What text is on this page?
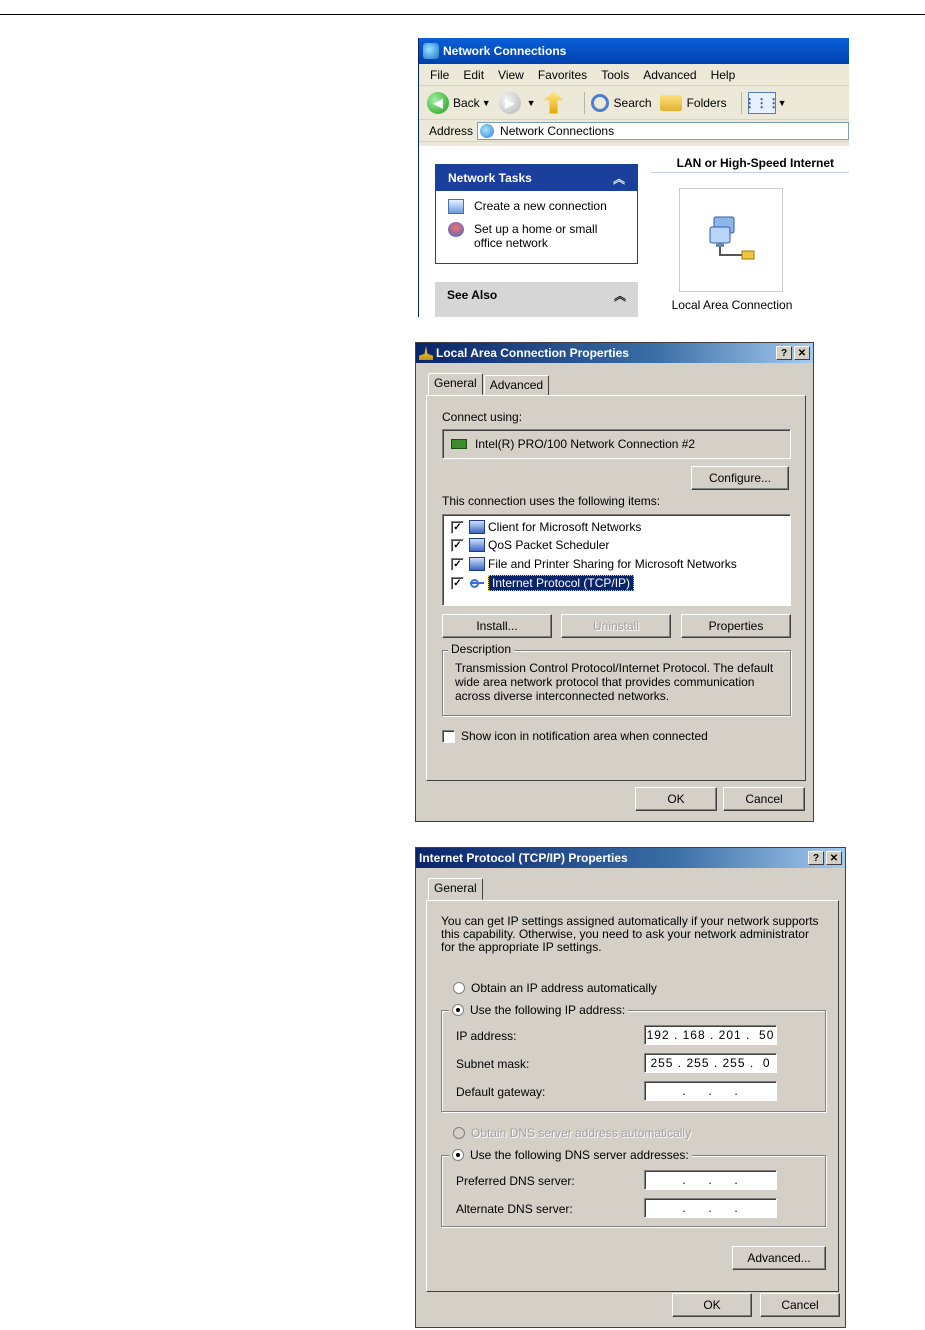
Network Connections
File Edit View Favorites Tools Advanced Help
◀ Back ▼	▶	▼	Search	Folders ⋮⋮⋮
▼
Address Network Connections
Network Tasks	︽
Create a new connection
Set up a home or small office network
See Also	︽
LAN or High-Speed Internet
Local Area Connection
Local Area Connection Properties	?	✕
General	Advanced
Connect using:
Intel(R) PRO/100 Network Connection #2
Configure...
This connection uses the following items:
✓ Client for Microsoft Networks
✓ QoS Packet Scheduler
✓ File and Printer Sharing for Microsoft Networks
✓	Internet Protocol (TCP/IP)
Install...	Uninstall	Properties
Description
Transmission Control Protocol/Internet Protocol. The default wide area network protocol that provides communication across diverse interconnected networks.
Show icon in notification area when connected
OK	Cancel
Internet Protocol (TCP/IP) Properties	?	✕
General
You can get IP settings assigned automatically if your network supports this capability. Otherwise, you need to ask your network administrator for the appropriate IP settings.
Obtain an IP address automatically
Use the following IP address:
IP address:	192 . 168 . 201 .  50
Subnet mask:	255 . 255 . 255 .  0
Default gateway:	.     .     .
Obtain DNS server address automatically
Use the following DNS server addresses:
Preferred DNS server:	.     .     .
Alternate DNS server:	.     .     .
Advanced...
OK	Cancel
